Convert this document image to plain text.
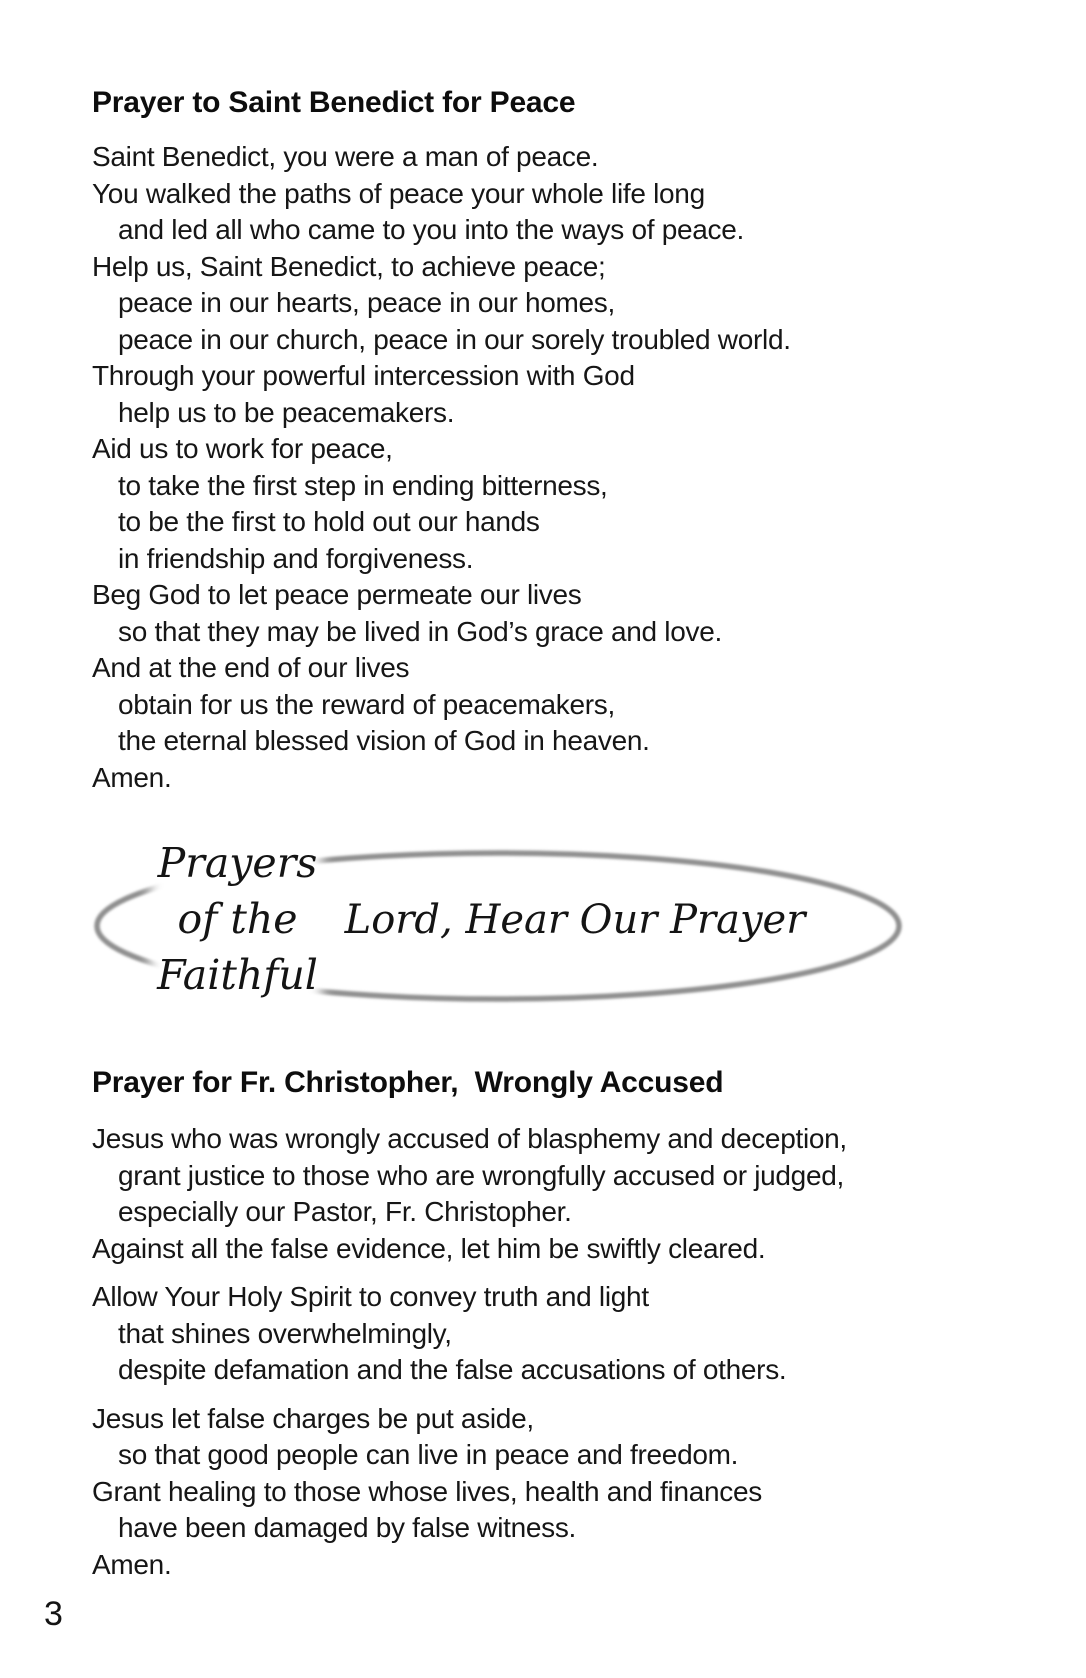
Prayer to Saint Benedict for Peace
Saint Benedict, you were a man of peace.
You walked the paths of peace your whole life long
and led all who came to you into the ways of peace.
Help us, Saint Benedict, to achieve peace;
peace in our hearts, peace in our homes,
peace in our church, peace in our sorely troubled world.
Through your powerful intercession with God
help us to be peacemakers.
Aid us to work for peace,
to take the first step in ending bitterness,
to be the first to hold out our hands
in friendship and forgiveness.
Beg God to let peace permeate our lives
so that they may be lived in God’s grace and love.
And at the end of our lives
obtain for us the reward of peacemakers,
the eternal blessed vision of God in heaven.
Amen.
Prayers
of the
Faithful
Lord, Hear Our Prayer
Prayer for Fr. Christopher,  Wrongly Accused
Jesus who was wrongly accused of blasphemy and deception,
grant justice to those who are wrongfully accused or judged,
especially our Pastor, Fr. Christopher.
Against all the false evidence, let him be swiftly cleared.
Allow Your Holy Spirit to convey truth and light
that shines overwhelmingly,
despite defamation and the false accusations of others.
Jesus let false charges be put aside,
so that good people can live in peace and freedom.
Grant healing to those whose lives, health and finances
have been damaged by false witness.
Amen.
3
